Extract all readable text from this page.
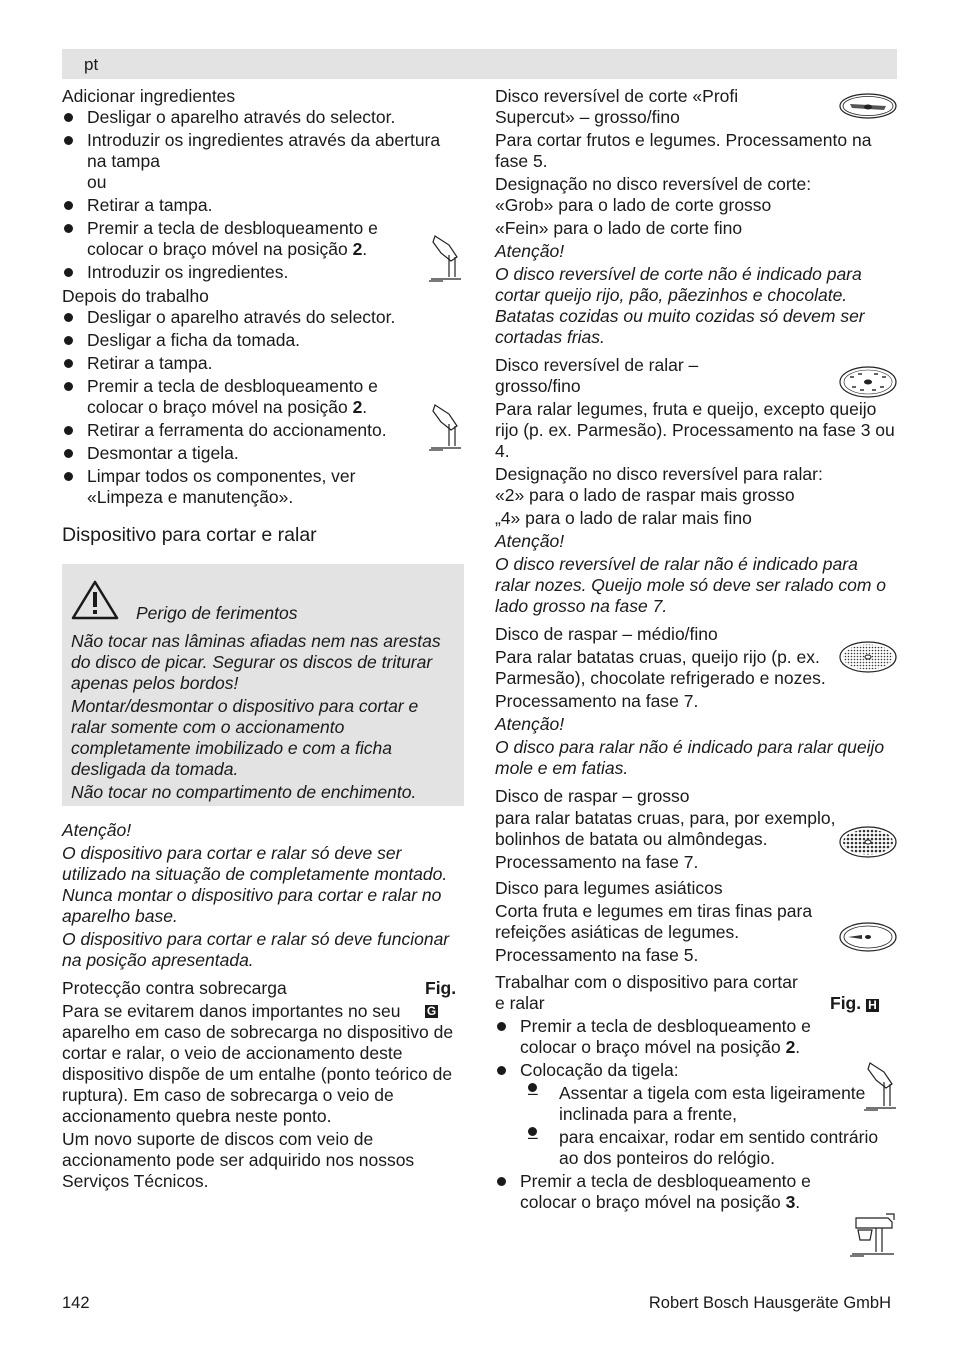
pt
Adicionar ingredientes
Desligar o aparelho através do selector.
Introduzir os ingredientes através da abertura na tampa
ou
Retirar a tampa.
Premir a tecla de desbloqueamento e colocar o braço móvel na posição 2.
Introduzir os ingredientes.
Depois do trabalho
Desligar o aparelho através do selector.
Desligar a ficha da tomada.
Retirar a tampa.
Premir a tecla de desbloqueamento e colocar o braço móvel na posição 2.
Retirar a ferramenta do accionamento.
Desmontar a tigela.
Limpar todos os componentes, ver «Limpeza e manutenção».
Dispositivo para cortar e ralar
Perigo de ferimentos

Não tocar nas lâminas afiadas nem nas arestas do disco de picar. Segurar os discos de triturar apenas pelos bordos!

Montar/desmontar o dispositivo para cortar e ralar somente com o accionamento completamente imobilizado e com a ficha desligada da tomada.

Não tocar no compartimento de enchimento.

Atenção!

O dispositivo para cortar e ralar só deve ser utilizado na situação de completamente montado. Nunca montar o dispositivo para cortar e ralar no aparelho base.

O dispositivo para cortar e ralar só deve funcionar na posição apresentada.

Protecção contra sobrecarga	Fig. G

Para se evitarem danos importantes no seu aparelho em caso de sobrecarga no dispositivo de cortar e ralar, o veio de accionamento deste dispositivo dispõe de um entalhe (ponto teórico de ruptura). Em caso de sobrecarga o veio de accionamento quebra neste ponto.

Um novo suporte de discos com veio de accionamento pode ser adquirido nos nossos Serviços Técnicos.

Disco reversível de corte «Profi Supercut» – grosso/fino

Para cortar frutos e legumes. Processamento na fase 5.

Designação no disco reversível de corte:

«Grob» para o lado de corte grosso

«Fein» para o lado de corte fino

Atenção!

O disco reversível de corte não é indicado para cortar queijo rijo, pão, pãezinhos e chocolate. Batatas cozidas ou muito cozidas só devem ser cortadas frias.

Disco reversível de ralar – grosso/fino

Para ralar legumes, fruta e queijo, excepto queijo rijo (p. ex. Parmesão). Processamento na fase 3 ou 4.

Designação no disco reversível para ralar:

«2» para o lado de raspar mais grosso

„4» para o lado de ralar mais fino

Atenção!

O disco reversível de ralar não é indicado para ralar nozes. Queijo mole só deve ser ralado com o lado grosso na fase 7.

Disco de raspar – médio/fino

Para ralar batatas cruas, queijo rijo (p. ex. Parmesão), chocolate refrigerado e nozes.

Processamento na fase 7.

Atenção!

O disco para ralar não é indicado para ralar queijo mole e em fatias.

Disco de raspar – grosso

para ralar batatas cruas, para, por exemplo, bolinhos de batata ou almôndegas.

Processamento na fase 7.

Disco para legumes asiáticos

Corta fruta e legumes em tiras finas para refeições asiáticas de legumes.

Processamento na fase 5.

Trabalhar com o dispositivo para cortar e ralar	Fig. H
Premir a tecla de desbloqueamento e colocar o braço móvel na posição 2.
Colocação da tigela:
– Assentar a tigela com esta ligeiramente inclinada para a frente,
– para encaixar, rodar em sentido contrário ao dos ponteiros do relógio.
Premir a tecla de desbloqueamento e colocar o braço móvel na posição 3.
142	Robert Bosch Hausgeräte GmbH
